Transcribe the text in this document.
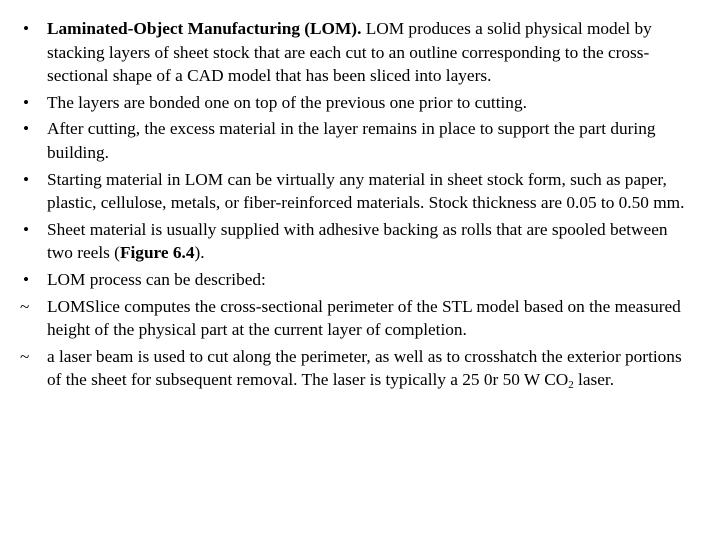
•	Laminated-Object Manufacturing (LOM). LOM produces a solid physical model by stacking layers of sheet stock that are each cut to an outline corresponding to the cross-sectional shape of a CAD model that has been sliced into layers.
•	The layers are bonded one on top of the previous one prior to cutting.
•	After cutting, the excess material in the layer remains in place to support the part during building.
•	Starting material in LOM can be virtually any material in sheet stock form, such as paper, plastic, cellulose, metals, or fiber-reinforced materials. Stock thickness are 0.05 to 0.50 mm.
•	Sheet material is usually supplied with adhesive backing as rolls that are spooled between two reels (Figure 6.4).
•	LOM process can be described:
~	LOMSlice computes the cross-sectional perimeter of the STL model based on the measured height of the physical part at the current layer of completion.
~	a laser beam is used to cut along the perimeter, as well as to crosshatch the exterior portions of the sheet for subsequent removal. The laser is typically a 25 0r 50 W $CO_2$ laser.
